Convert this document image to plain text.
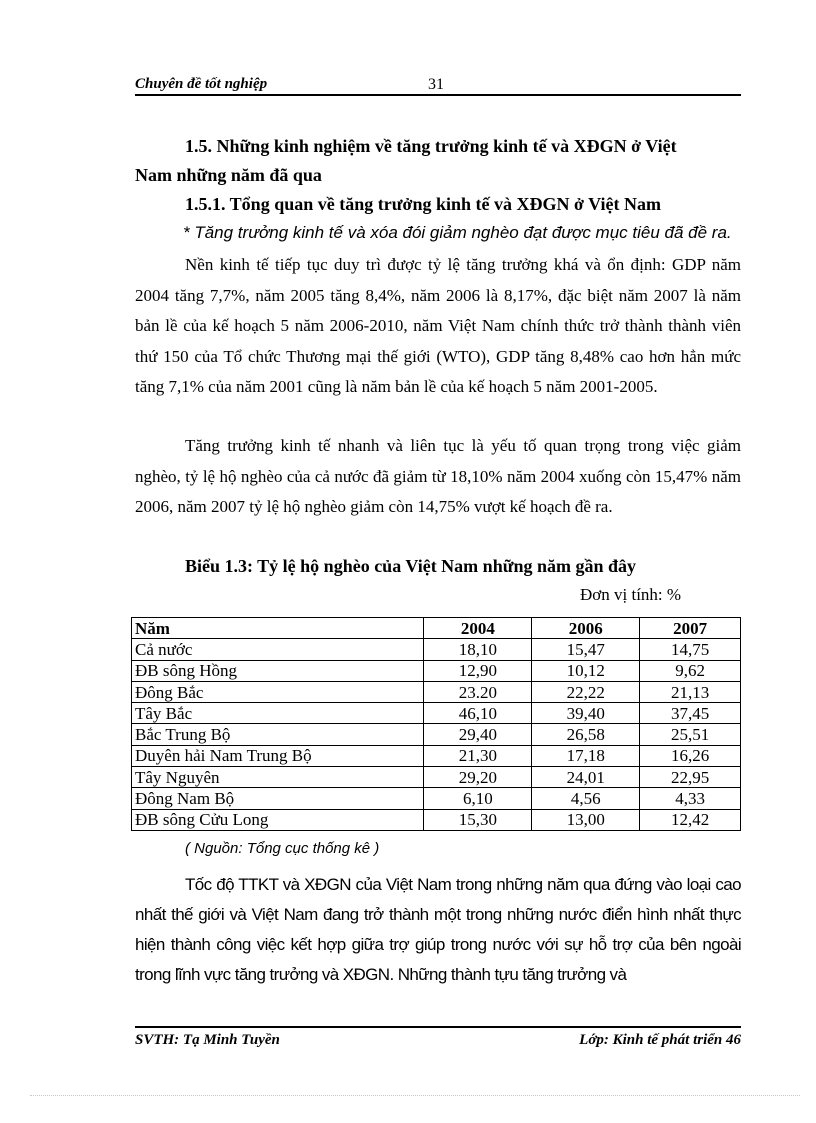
Chuyên đề tốt nghiệp	31
1.5. Những kinh nghiệm về tăng trưởng kinh tế và XĐGN ở Việt
Nam những năm đã qua
1.5.1. Tổng quan về tăng trưởng kinh tế và XĐGN ở Việt Nam
* Tăng trưởng kinh tế và xóa đói giảm nghèo đạt được mục tiêu đã đề ra.
Nền kinh tế tiếp tục duy trì được tỷ lệ tăng trưởng khá và ổn định: GDP năm 2004 tăng 7,7%, năm 2005 tăng 8,4%, năm 2006 là 8,17%, đặc biệt năm 2007 là năm bản lề của kế hoạch 5 năm 2006-2010, năm Việt Nam chính thức trở thành thành viên thứ 150 của Tổ chức Thương mại thế giới (WTO), GDP tăng 8,48% cao hơn hẳn mức tăng 7,1% của năm 2001 cũng là năm bản lề của kế hoạch 5 năm 2001-2005.
Tăng trưởng kinh tế nhanh và liên tục là yếu tố quan trọng trong việc giảm nghèo, tỷ lệ hộ nghèo của cả nước đã giảm từ 18,10% năm 2004 xuống còn 15,47% năm 2006, năm 2007 tỷ lệ hộ nghèo giảm còn 14,75% vượt kế hoạch đề ra.
Biểu 1.3: Tỷ lệ hộ nghèo của Việt Nam những năm gần đây
Đơn vị tính: %
Năm	2004	2006	2007
Cả nước	18,10	15,47	14,75
ĐB sông Hồng	12,90	10,12	9,62
Đông Bắc	23.20	22,22	21,13
Tây Bắc	46,10	39,40	37,45
Bắc Trung Bộ	29,40	26,58	25,51
Duyên hải Nam Trung Bộ	21,30	17,18	16,26
Tây Nguyên	29,20	24,01	22,95
Đông Nam Bộ	6,10	4,56	4,33
ĐB sông Cửu Long	15,30	13,00	12,42
( Nguồn: Tổng cục thống kê )
Tốc độ TTKT và XĐGN của Việt Nam trong những năm qua đứng vào loại cao nhất thế giới và Việt Nam đang trở thành một trong những nước điển hình nhất thực hiện thành công việc kết hợp giữa trợ giúp trong nước với sự hỗ trợ của bên ngoài trong lĩnh vực tăng trưởng và XĐGN. Những thành tựu tăng trưởng và
SVTH: Tạ Minh Tuyền	Lớp: Kinh tế phát triển 46
